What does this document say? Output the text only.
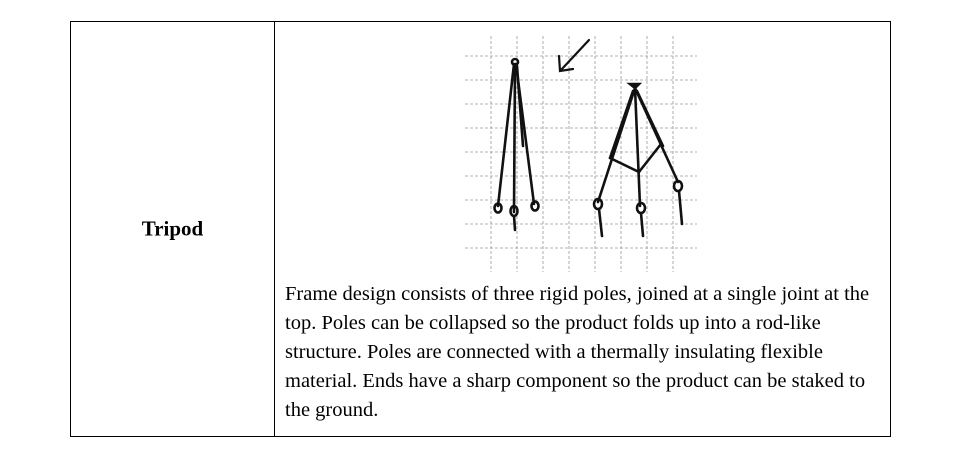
Tripod

Frame design consists of three rigid poles, joined at a single joint at the top. Poles can be collapsed so the product folds up into a rod-like structure. Poles are connected with a thermally insulating flexible material. Ends have a sharp component so the product can be staked to the ground.
